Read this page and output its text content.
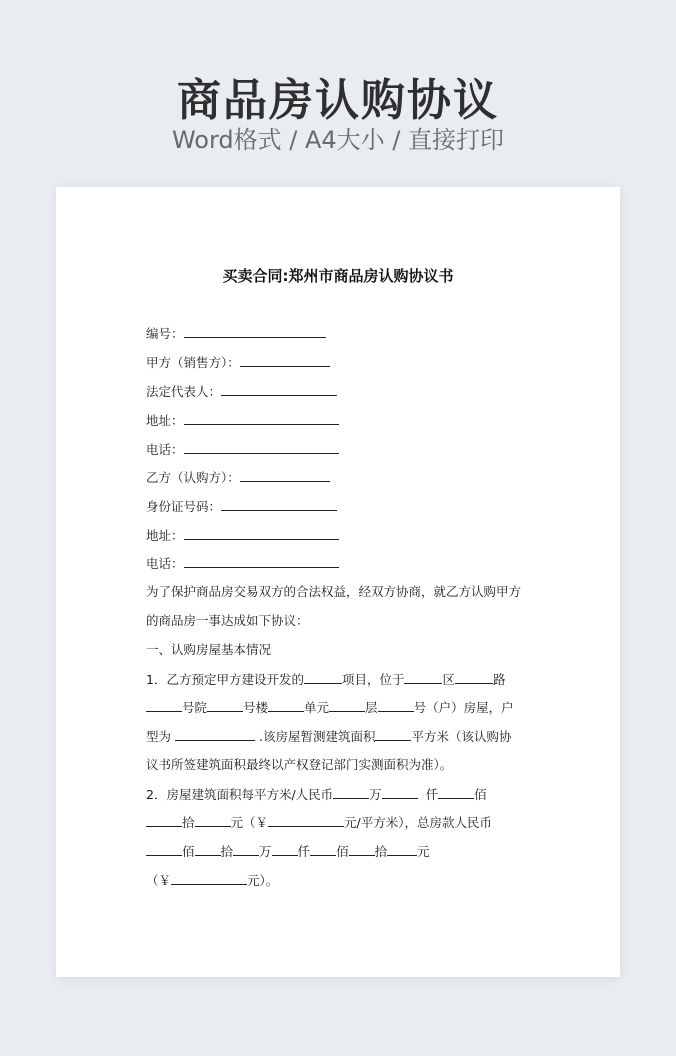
商品房认购协议
Word格式 / A4大小 / 直接打印
买卖合同:郑州市商品房认购协议书
编号：
甲方（销售方）：
法定代表人：
地址：
电话：
乙方（认购方）：
身份证号码：
地址：
电话：
为了保护商品房交易双方的合法权益，经双方协商，就乙方认购甲方
的商品房一事达成如下协议：
一、认购房屋基本情况
1．乙方预定甲方建设开发的	项目，位于	区	路
号院	号楼	单元	层	号（户）房屋，户
型为	.该房屋暂测建筑面积	平方米（该认购协
议书所签建筑面积最终以产权登记部门实测面积为准）。
2．房屋建筑面积每平方米/人民币	万	仟	佰
拾	元（￥	元/平方米），总房款人民币
佰 拾 万 仟 佰 拾 元
（￥	元）。
